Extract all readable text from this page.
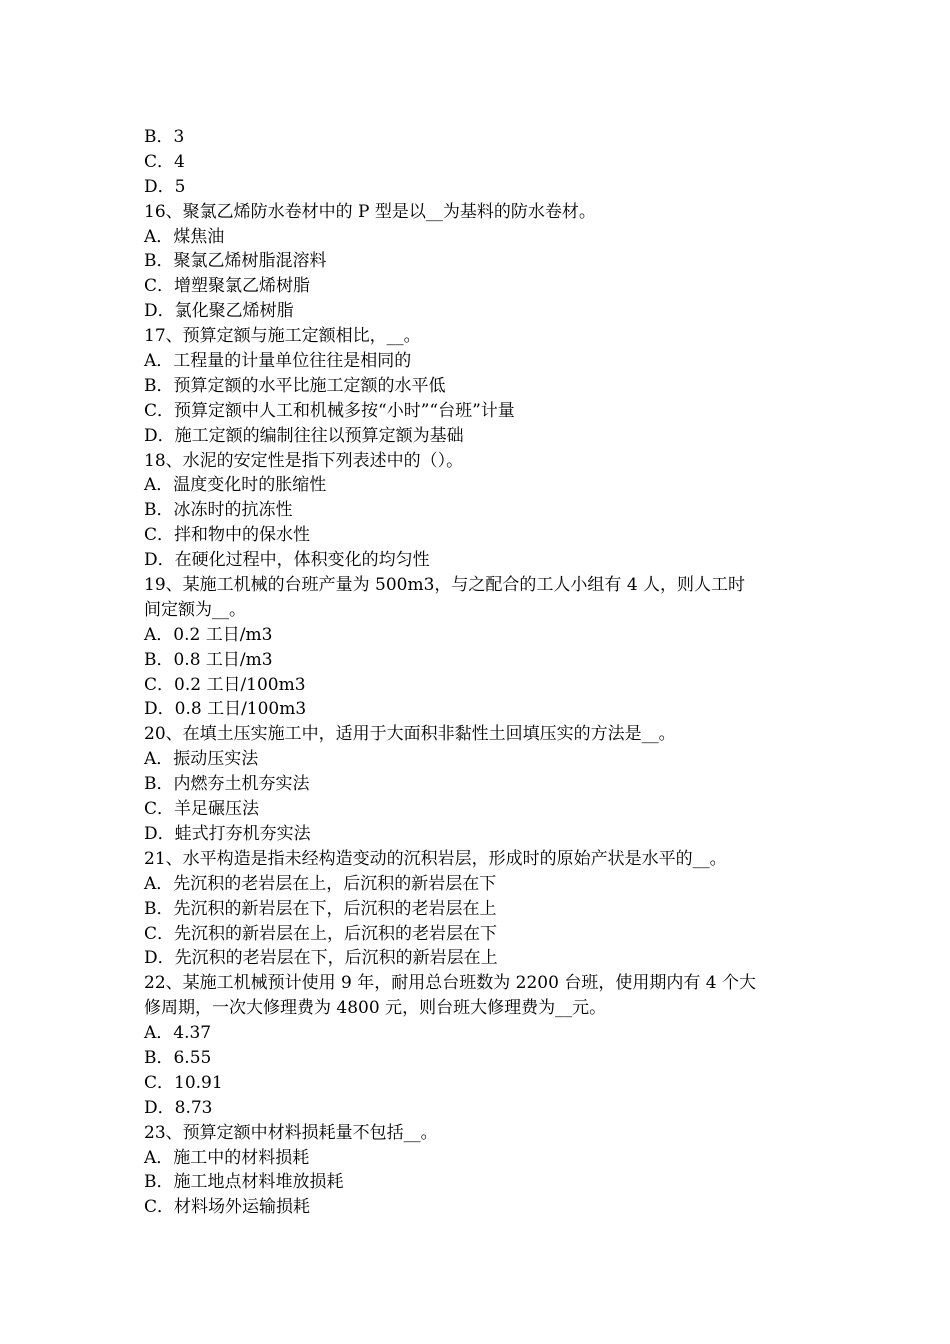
B．3
C．4
D．5
16、聚氯乙烯防水卷材中的 P 型是以__为基料的防水卷材。
A．煤焦油
B．聚氯乙烯树脂混溶料
C．增塑聚氯乙烯树脂
D．氯化聚乙烯树脂
17、预算定额与施工定额相比，__。
A．工程量的计量单位往往是相同的
B．预算定额的水平比施工定额的水平低
C．预算定额中人工和机械多按“小时”“台班”计量
D．施工定额的编制往往以预算定额为基础
18、水泥的安定性是指下列表述中的（）。
A．温度变化时的胀缩性
B．冰冻时的抗冻性
C．拌和物中的保水性
D．在硬化过程中，体积变化的均匀性
19、某施工机械的台班产量为 500m3，与之配合的工人小组有 4 人，则人工时
间定额为__。
A．0.2 工日/m3
B．0.8 工日/m3
C．0.2 工日/100m3
D．0.8 工日/100m3
20、在填土压实施工中，适用于大面积非黏性土回填压实的方法是__。
A．振动压实法
B．内燃夯土机夯实法
C．羊足碾压法
D．蛙式打夯机夯实法
21、水平构造是指未经构造变动的沉积岩层，形成时的原始产状是水平的__。
A．先沉积的老岩层在上，后沉积的新岩层在下
B．先沉积的新岩层在下，后沉积的老岩层在上
C．先沉积的新岩层在上，后沉积的老岩层在下
D．先沉积的老岩层在下，后沉积的新岩层在上
22、某施工机械预计使用 9 年，耐用总台班数为 2200 台班，使用期内有 4 个大
修周期，一次大修理费为 4800 元，则台班大修理费为__元。
A．4.37
B．6.55
C．10.91
D．8.73
23、预算定额中材料损耗量不包括__。
A．施工中的材料损耗
B．施工地点材料堆放损耗
C．材料场外运输损耗
